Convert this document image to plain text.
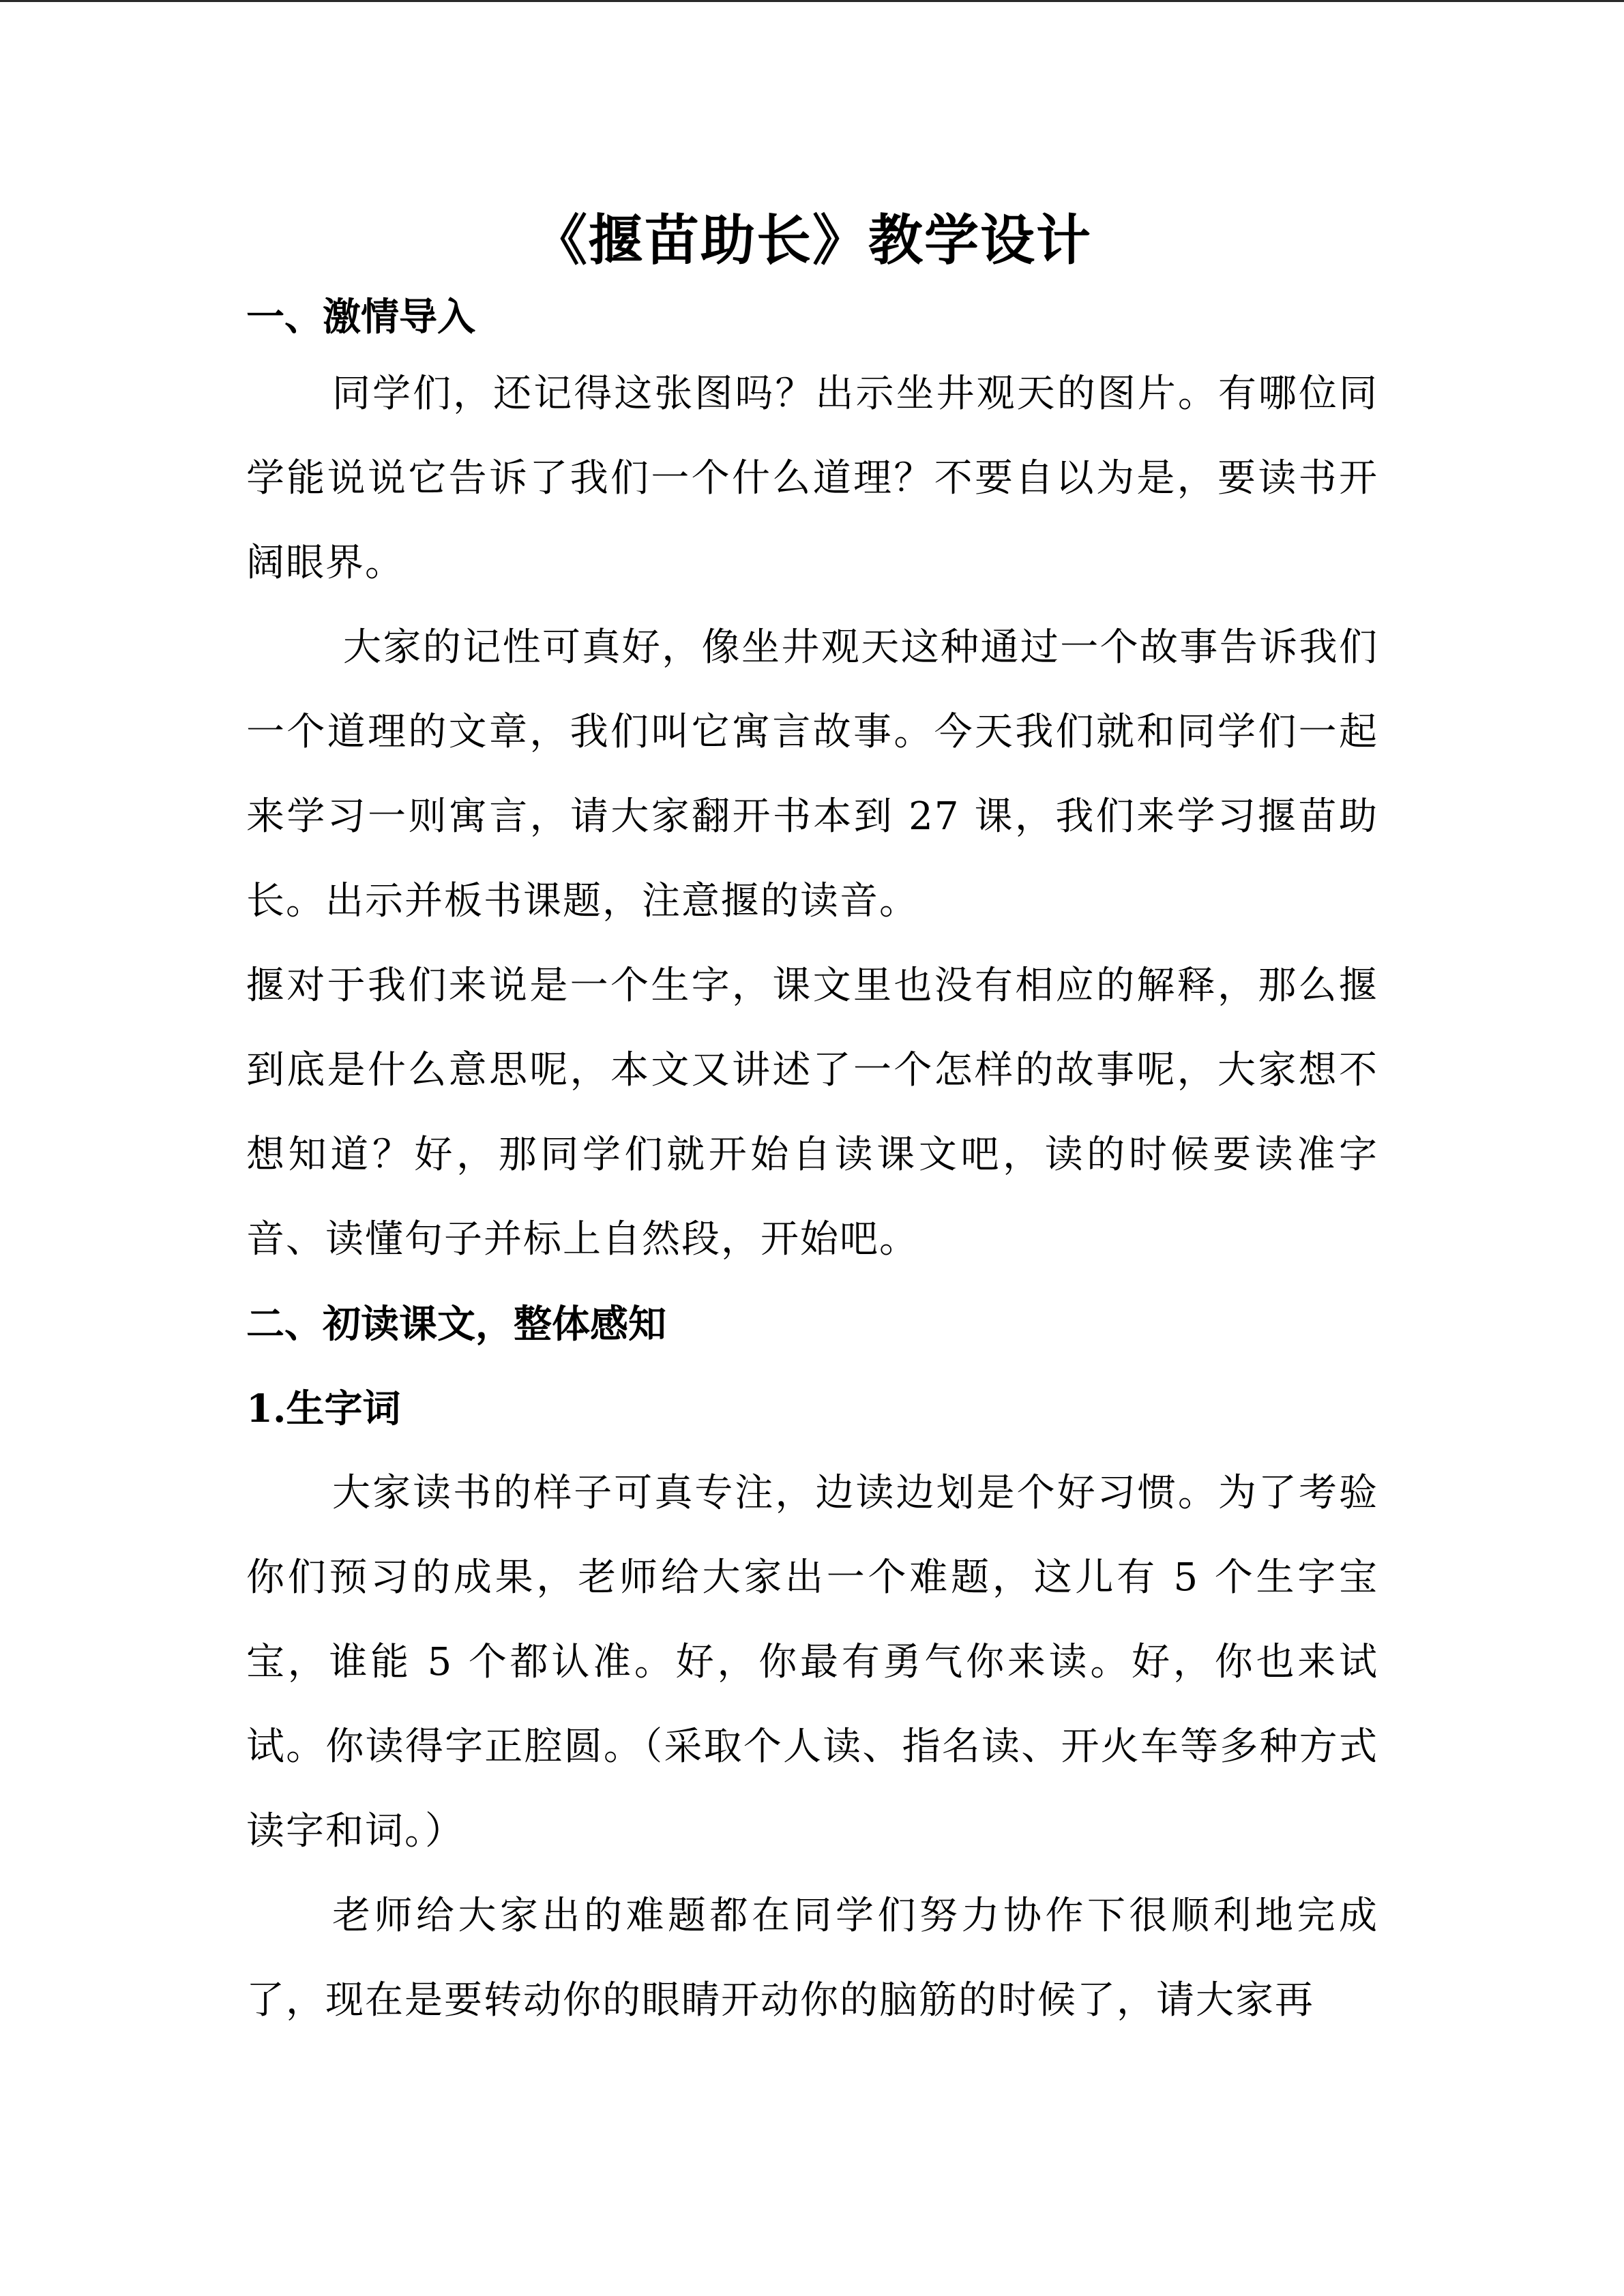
《揠苗助长》教学设计
一、激情导入

同学们，还记得这张图吗？出示坐井观天的图片。有哪位同学能说说它告诉了我们一个什么道理？不要自以为是，要读书开阔眼界。

大家的记性可真好，像坐井观天这种通过一个故事告诉我们一个道理的文章，我们叫它寓言故事。今天我们就和同学们一起来学习一则寓言，请大家翻开书本到 27 课，我们来学习揠苗助长。出示并板书课题，注意揠的读音。

揠对于我们来说是一个生字，课文里也没有相应的解释，那么揠到底是什么意思呢，本文又讲述了一个怎样的故事呢，大家想不想知道？好，那同学们就开始自读课文吧，读的时候要读准字音、读懂句子并标上自然段，开始吧。

二、初读课文，整体感知
1.生字词

大家读书的样子可真专注，边读边划是个好习惯。为了考验你们预习的成果，老师给大家出一个难题，这儿有 5 个生字宝宝，谁能 5 个都认准。好，你最有勇气你来读。好，你也来试试。你读得字正腔圆。（采取个人读、指名读、开火车等多种方式读字和词。）

老师给大家出的难题都在同学们努力协作下很顺利地完成了，现在是要转动你的眼睛开动你的脑筋的时候了，请大家再
